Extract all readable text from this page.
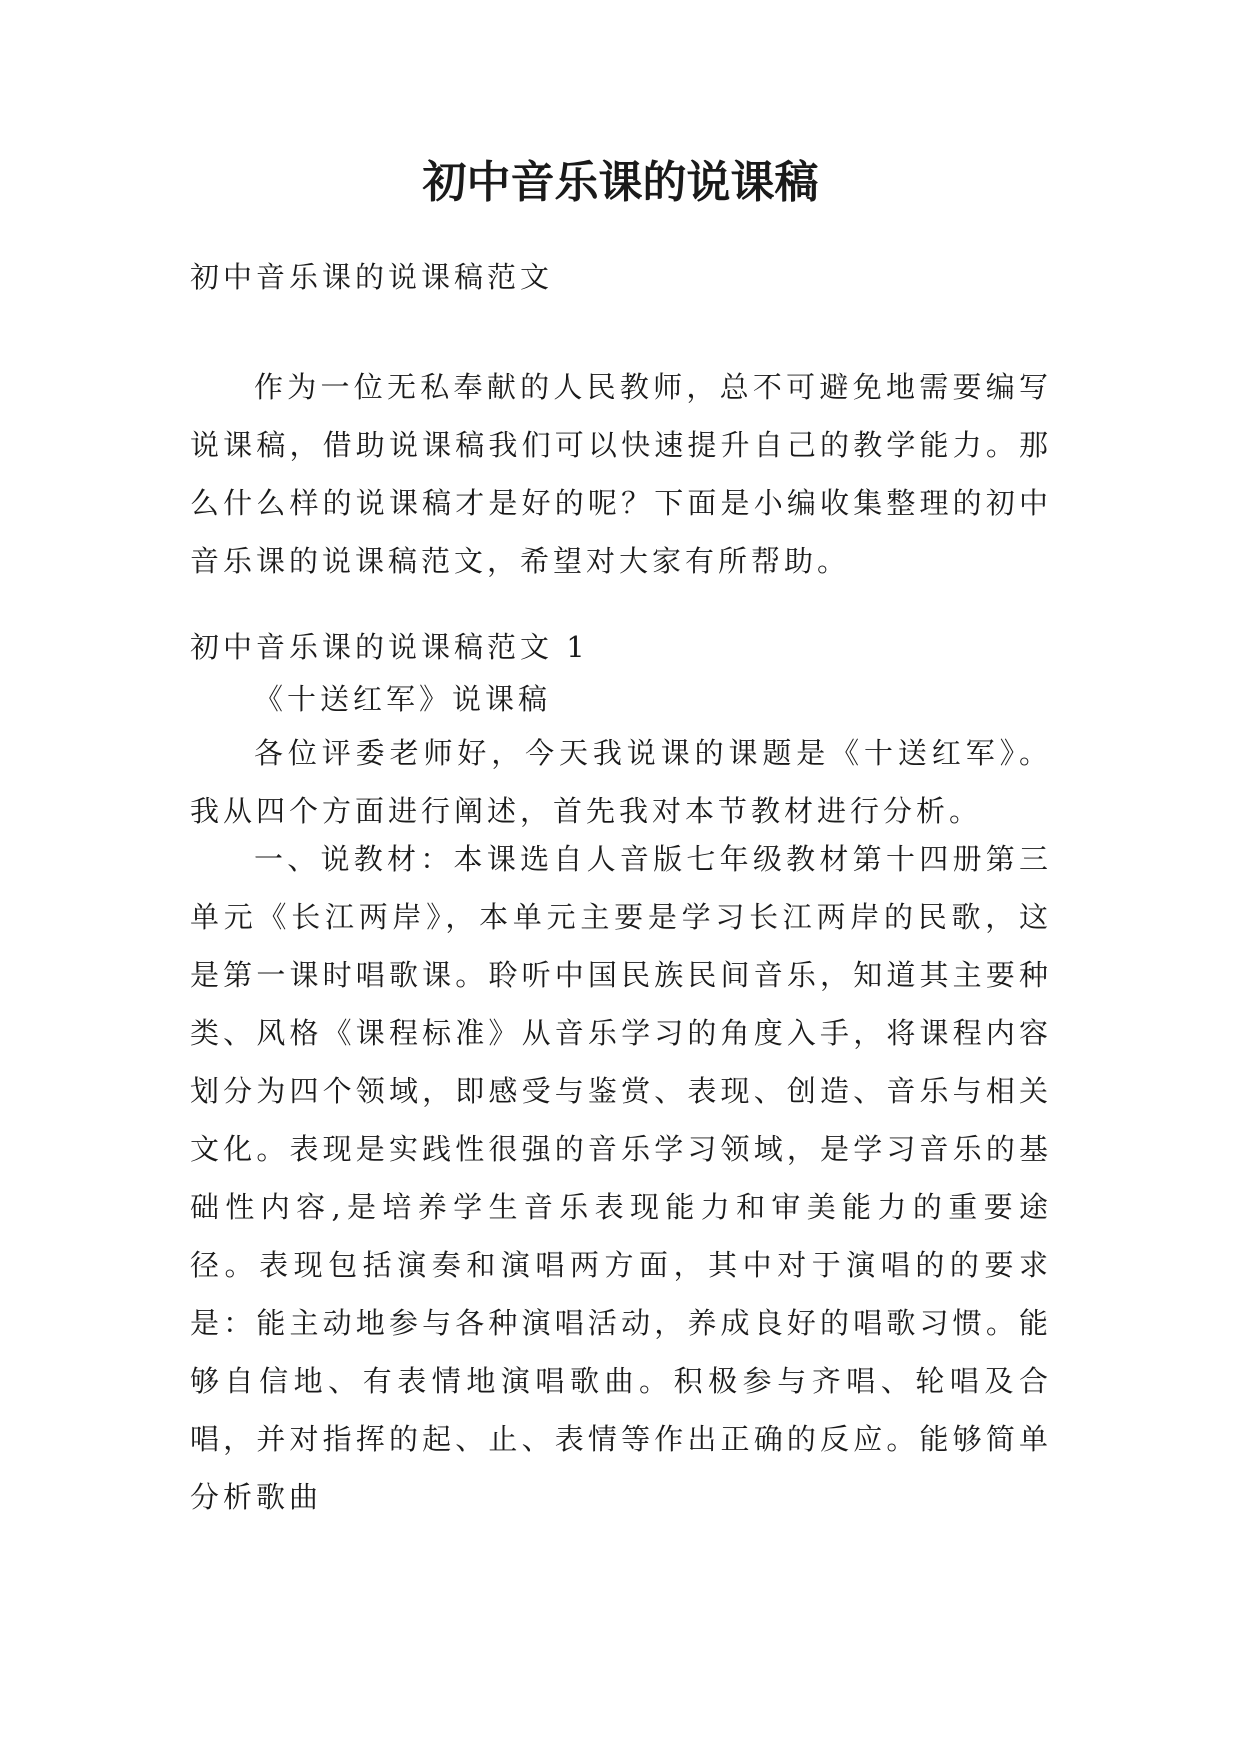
初中音乐课的说课稿

初中音乐课的说课稿范文

作为一位无私奉献的人民教师，总不可避免地需要编写说课稿，借助说课稿我们可以快速提升自己的教学能力。那么什么样的说课稿才是好的呢？下面是小编收集整理的初中音乐课的说课稿范文，希望对大家有所帮助。

初中音乐课的说课稿范文 1

《十送红军》说课稿

各位评委老师好，今天我说课的课题是《十送红军》。我从四个方面进行阐述，首先我对本节教材进行分析。

一、说教材：本课选自人音版七年级教材第十四册第三单元《长江两岸》，本单元主要是学习长江两岸的民歌，这是第一课时唱歌课。聆听中国民族民间音乐，知道其主要种类、风格《课程标准》从音乐学习的角度入手，将课程内容划分为四个领域，即感受与鉴赏、表现、创造、音乐与相关文化。表现是实践性很强的音乐学习领域，是学习音乐的基础性内容,是培养学生音乐表现能力和审美能力的重要途径。表现包括演奏和演唱两方面，其中对于演唱的的要求是：能主动地参与各种演唱活动，养成良好的唱歌习惯。能够自信地、有表情地演唱歌曲。积极参与齐唱、轮唱及合唱，并对指挥的起、止、表情等作出正确的反应。能够简单分析歌曲
